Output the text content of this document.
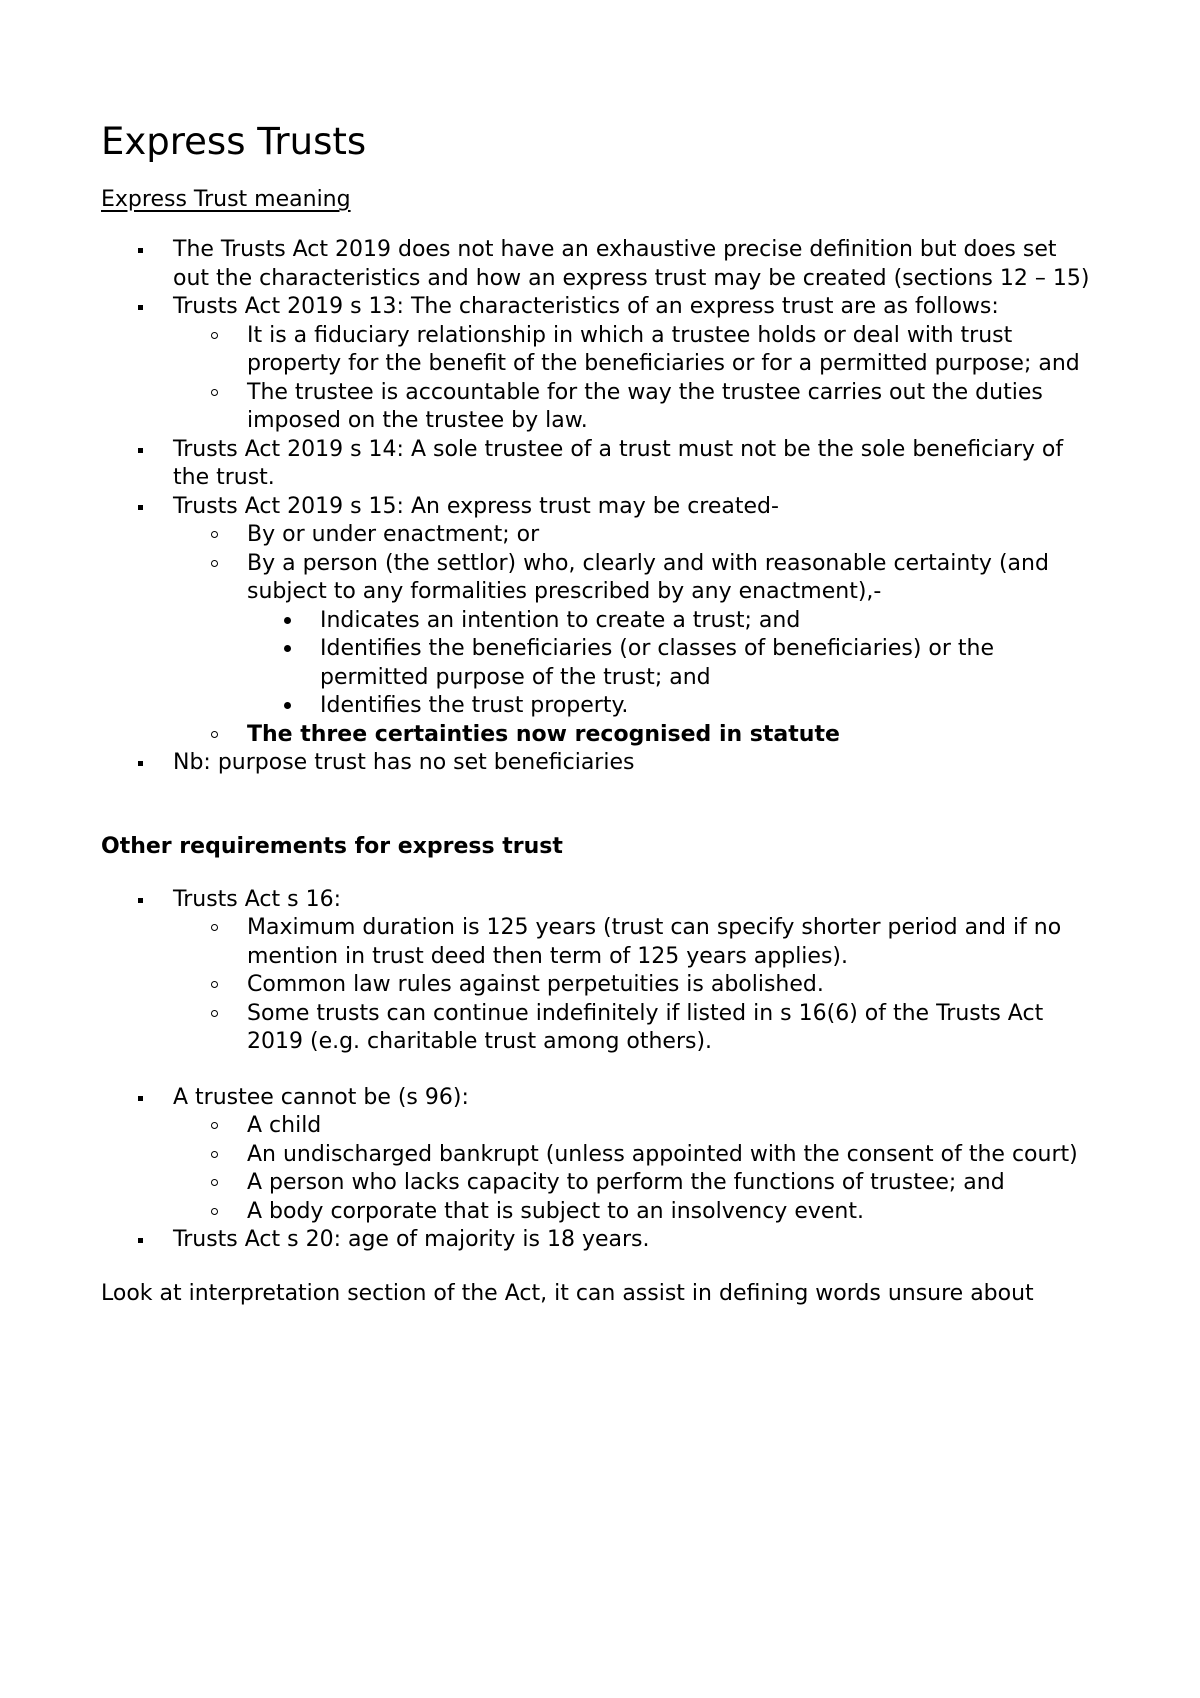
Express Trusts
Express Trust meaning
The Trusts Act 2019 does not have an exhaustive precise definition but does set out the characteristics and how an express trust may be created (sections 12 – 15)
Trusts Act 2019 s 13: The characteristics of an express trust are as follows:
It is a fiduciary relationship in which a trustee holds or deal with trust property for the benefit of the beneficiaries or for a permitted purpose; and
The trustee is accountable for the way the trustee carries out the duties imposed on the trustee by law.
Trusts Act 2019 s 14: A sole trustee of a trust must not be the sole beneficiary of the trust.
Trusts Act 2019 s 15: An express trust may be created-
By or under enactment; or
By a person (the settlor) who, clearly and with reasonable certainty (and subject to any formalities prescribed by any enactment),-
Indicates an intention to create a trust; and
Identifies the beneficiaries (or classes of beneficiaries) or the permitted purpose of the trust; and
Identifies the trust property.
The three certainties now recognised in statute
Nb: purpose trust has no set beneficiaries
Other requirements for express trust
Trusts Act s 16:
Maximum duration is 125 years (trust can specify shorter period and if no mention in trust deed then term of 125 years applies).
Common law rules against perpetuities is abolished.
Some trusts can continue indefinitely if listed in s 16(6) of the Trusts Act 2019 (e.g. charitable trust among others).
A trustee cannot be (s 96):
A child
An undischarged bankrupt (unless appointed with the consent of the court)
A person who lacks capacity to perform the functions of trustee; and
A body corporate that is subject to an insolvency event.
Trusts Act s 20: age of majority is 18 years.

Look at interpretation section of the Act, it can assist in defining words unsure about
